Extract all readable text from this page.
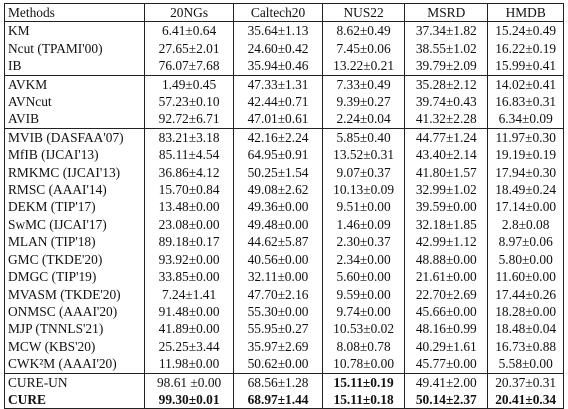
Methods	20NGs	Caltech20	NUS22	MSRD	HMDB
KM	6.41±0.64	35.64±1.13	8.62±0.49	37.34±1.82	15.24±0.49
Ncut (TPAMI'00)	27.65±2.01	24.60±0.42	7.45±0.06	38.55±1.02	16.22±0.19
IB	76.07±7.68	35.94±0.46	13.22±0.21	39.79±2.09	15.99±0.41
AVKM	1.49±0.45	47.33±1.31	7.33±0.49	35.28±2.12	14.02±0.41
AVNcut	57.23±0.10	42.44±0.71	9.39±0.27	39.74±0.43	16.83±0.31
AVIB	92.72±6.71	47.01±0.61	2.24±0.04	41.32±2.28	6.34±0.09
MVIB (DASFAA'07)	83.21±3.18	42.16±2.24	5.85±0.40	44.77±1.24	11.97±0.30
MfIB (IJCAI'13)	85.11±4.54	64.95±0.91	13.52±0.31	43.40±2.14	19.19±0.19
RMKMC (IJCAI'13)	36.86±4.12	50.25±1.54	9.07±0.37	41.80±1.57	17.94±0.30
RMSC (AAAI'14)	15.70±0.84	49.08±2.62	10.13±0.09	32.99±1.02	18.49±0.24
DEKM (TIP'17)	13.48±0.00	49.36±0.00	9.51±0.00	39.59±0.00	17.14±0.00
SwMC (IJCAI'17)	23.08±0.00	49.48±0.00	1.46±0.09	32.18±1.85	2.8±0.08
MLAN (TIP'18)	89.18±0.17	44.62±5.87	2.30±0.37	42.99±1.12	8.97±0.06
GMC (TKDE'20)	93.92±0.00	40.56±0.00	2.34±0.00	48.88±0.00	5.80±0.00
DMGC (TIP'19)	33.85±0.00	32.11±0.00	5.60±0.00	21.61±0.00	11.60±0.00
MVASM (TKDE'20)	7.24±1.41	47.70±2.16	9.59±0.00	22.70±2.69	17.44±0.26
ONMSC (AAAI'20)	91.48±0.00	55.30±0.00	9.74±0.00	45.66±0.00	18.28±0.00
MJP (TNNLS'21)	41.89±0.00	55.95±0.27	10.53±0.02	48.16±0.99	18.48±0.04
MCW (KBS'20)	25.25±3.44	35.97±2.69	8.08±0.78	40.29±1.61	16.73±0.88
CWK²M (AAAI'20)	11.98±0.00	50.62±0.00	10.78±0.00	45.77±0.00	5.58±0.00
CURE-UN	98.61 ±0.00	68.56±1.28	15.11±0.19	49.41±2.00	20.37±0.31
CURE	99.30±0.01	68.97±1.44	15.11±0.18	50.14±2.37	20.41±0.34
